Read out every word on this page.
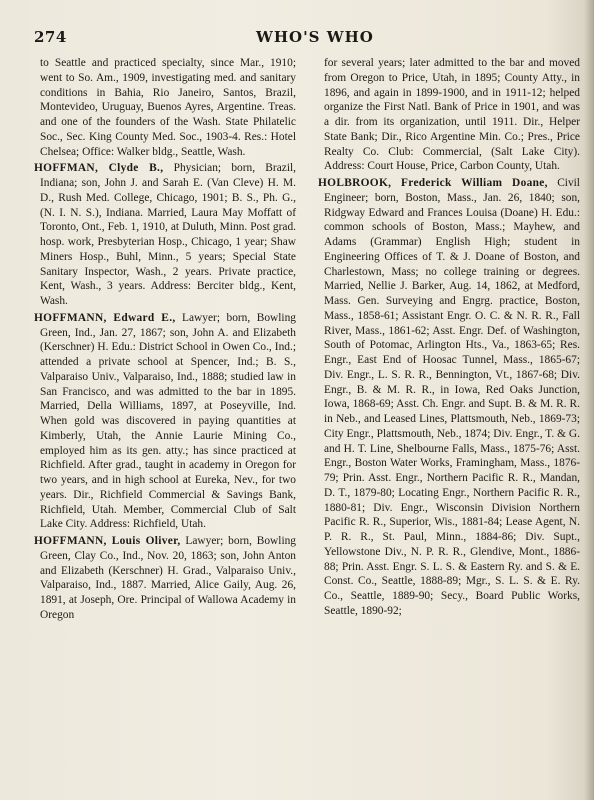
274	WHO'S WHO

to Seattle and practiced specialty, since Mar., 1910; went to So. Am., 1909, investigating med. and sanitary conditions in Bahia, Rio Janeiro, Santos, Brazil, Montevideo, Uruguay, Buenos Ayres, Argentine. Treas. and one of the founders of the Wash. State Philatelic Soc., Sec. King County Med. Soc., 1903-4. Res.: Hotel Chelsea; Office: Walker bldg., Seattle, Wash.

HOFFMAN, Clyde B., Physician; born, Brazil, Indiana; son, John J. and Sarah E. (Van Cleve) H. M. D., Rush Med. College, Chicago, 1901; B. S., Ph. G., (N. I. N. S.), Indiana. Married, Laura May Moffatt of Toronto, Ont., Feb. 1, 1910, at Duluth, Minn. Post grad. hosp. work, Presbyterian Hosp., Chicago, 1 year; Shaw Miners Hosp., Buhl, Minn., 5 years; Special State Sanitary Inspector, Wash., 2 years. Private practice, Kent, Wash., 3 years. Address: Berciter bldg., Kent, Wash.

HOFFMANN, Edward E., Lawyer; born, Bowling Green, Ind., Jan. 27, 1867; son, John A. and Elizabeth (Kerschner) H. Edu.: District School in Owen Co., Ind.; attended a private school at Spencer, Ind.; B. S., Valparaiso Univ., Valparaiso, Ind., 1888; studied law in San Francisco, and was admitted to the bar in 1895. Married, Della Williams, 1897, at Poseyville, Ind. When gold was discovered in paying quantities at Kimberly, Utah, the Annie Laurie Mining Co., employed him as its gen. atty.; has since practiced at Richfield. After grad., taught in academy in Oregon for two years, and in high school at Eureka, Nev., for two years. Dir., Richfield Commercial & Savings Bank, Richfield, Utah. Member, Commercial Club of Salt Lake City. Address: Richfield, Utah.

HOFFMANN, Louis Oliver, Lawyer; born, Bowling Green, Clay Co., Ind., Nov. 20, 1863; son, John Anton and Elizabeth (Kerschner) H. Grad., Valparaiso Univ., Valparaiso, Ind., 1887. Married, Alice Gaily, Aug. 26, 1891, at Joseph, Ore. Principal of Wallowa Academy in Oregon

for several years; later admitted to the bar and moved from Oregon to Price, Utah, in 1895; County Atty., in 1896, and again in 1899-1900, and in 1911-12; helped organize the First Natl. Bank of Price in 1901, and was a dir. from its organization, until 1911. Dir., Helper State Bank; Dir., Rico Argentine Min. Co.; Pres., Price Realty Co. Club: Commercial, (Salt Lake City). Address: Court House, Price, Carbon County, Utah.

HOLBROOK, Frederick William Doane, Civil Engineer; born, Boston, Mass., Jan. 26, 1840; son, Ridgway Edward and Frances Louisa (Doane) H. Edu.: common schools of Boston, Mass.; Mayhew, and Adams (Grammar) English High; student in Engineering Offices of T. & J. Doane of Boston, and Charlestown, Mass; no college training or degrees. Married, Nellie J. Barker, Aug. 14, 1862, at Medford, Mass. Gen. Surveying and Engrg. practice, Boston, Mass., 1858-61; Assistant Engr. O. C. & N. R. R., Fall River, Mass., 1861-62; Asst. Engr. Def. of Washington, South of Potomac, Arlington Hts., Va., 1863-65; Res. Engr., East End of Hoosac Tunnel, Mass., 1865-67; Div. Engr., L. S. R. R., Bennington, Vt., 1867-68; Div. Engr., B. & M. R. R., in Iowa, Red Oaks Junction, Iowa, 1868-69; Asst. Ch. Engr. and Supt. B. & M. R. R. in Neb., and Leased Lines, Plattsmouth, Neb., 1869-73; City Engr., Plattsmouth, Neb., 1874; Div. Engr., T. & G. and H. T. Line, Shelbourne Falls, Mass., 1875-76; Asst. Engr., Boston Water Works, Framingham, Mass., 1876-79; Prin. Asst. Engr., Northern Pacific R. R., Mandan, D. T., 1879-80; Locating Engr., Northern Pacific R. R., 1880-81; Div. Engr., Wisconsin Division Northern Pacific R. R., Superior, Wis., 1881-84; Lease Agent, N. P. R. R., St. Paul, Minn., 1884-86; Div. Supt., Yellowstone Div., N. P. R. R., Glendive, Mont., 1886-88; Prin. Asst. Engr. S. L. S. & Eastern Ry. and S. & E. Const. Co., Seattle, 1888-89; Mgr., S. L. S. & E. Ry. Co., Seattle, 1889-90; Secy., Board Public Works, Seattle, 1890-92;
